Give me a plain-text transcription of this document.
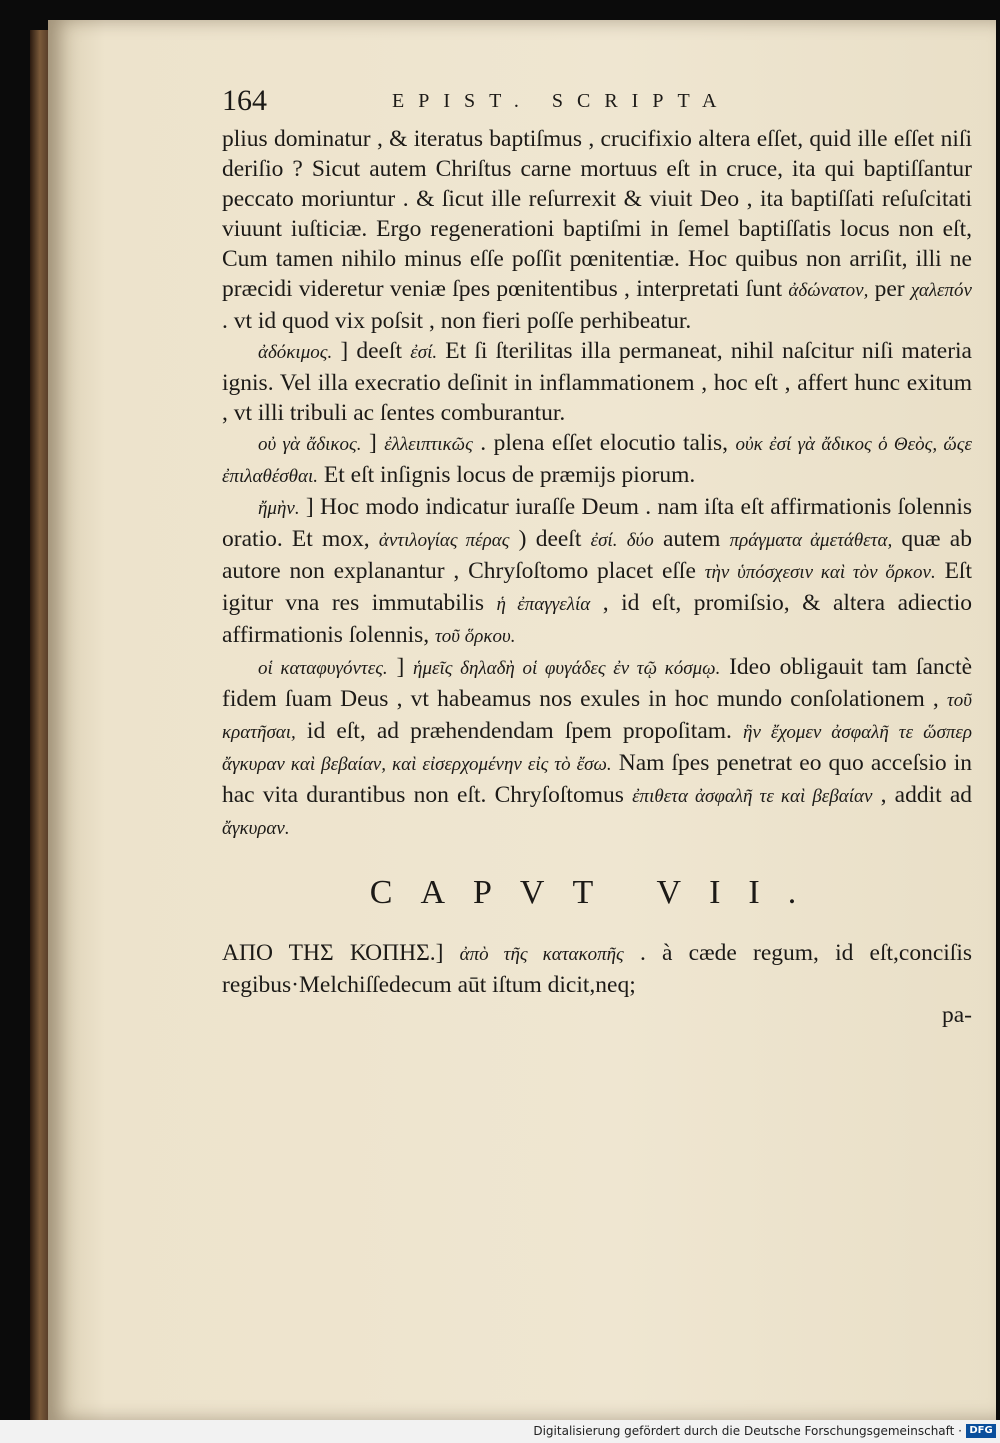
164	EPIST. SCRIPTA

plius dominatur , & iteratus baptiſmus , crucifixio altera eſſet, quid ille eſſet niſi deriſio ? Sicut autem Chriſtus carne mortuus eſt in cruce, ita qui baptiſſantur peccato moriuntur . & ſicut ille reſurrexit & viuit Deo , ita baptiſſati reſuſcitati viuunt iuſticiæ. Ergo regenerationi baptiſmi in ſemel baptiſſatis locus non eſt, Cum tamen nihilo minus eſſe poſſit pœnitentiæ. Hoc quibus non arriſit, illi ne præcidi videretur veniæ ſpes pœnitentibus , interpretati ſunt ἀδώνατον, per χαλεπόν . vt id quod vix poſsit , non fieri poſſe perhibeatur.

ἀδόκιμος. ] deeſt ἐσί. Et ſi ſterilitas illa permaneat, nihil naſcitur niſi materia ignis. Vel illa execratio deſinit in inflammationem , hoc eſt , affert hunc exitum , vt illi tribuli ac ſentes comburantur.

οὐ γὰ ἄδικος. ] ἐλλειπτικῶς . plena eſſet elocutio talis, οὐκ ἐσί γὰ ἄδικος ὁ Θεὸς, ὥςε ἐπιλαθέσθαι. Et eſt inſignis locus de præmijs piorum.

ἤμὴν. ] Hoc modo indicatur iuraſſe Deum . nam iſta eſt affirmationis ſolennis oratio. Et mox, ἀντιλογίας πέρας ) deeſt ἐσί. δύο autem πράγματα ἀμετάθετα, quæ ab autore non explanantur , Chryſoſtomo placet eſſe τὴν ὑπόσχεσιν καὶ τὸν ὅρκον. Eſt igitur vna res immutabilis ἡ ἐπαγγελία , id eſt, promiſsio, & altera adiectio affirmationis ſolennis, τοῦ ὅρκου.

οἱ καταφυγόντες. ] ἡμεῖς δηλαδὴ οἱ φυγάδες ἐν τῷ κόσμῳ. Ideo obligauit tam ſanctè fidem ſuam Deus , vt habeamus nos exules in hoc mundo conſolationem , τοῦ κρατῆσαι, id eſt, ad præhendendam ſpem propoſitam. ἣν ἔχομεν ἀσφαλῆ τε ὥσπερ ἄγκυραν καὶ βεβαίαν, καὶ εἰσερχομένην εἰς τὸ ἔσω. Nam ſpes penetrat eo quo acceſsio in hac vita durantibus non eſt. Chryſoſtomus ἐπιθετα ἀσφαλῆ τε καὶ βεβαίαν , addit ad ἄγκυραν.

CAPVT VII.

ΑΠΟ ΤΗΣ ΚΟΠΗΣ.] ἀπὸ τῆς κατακοπῆς . à cæde regum, id eſt,conciſis regibus·Melchiſſedecum aūt iſtum dicit,neq;

pa-
Digitalisierung gefördert durch die Deutsche Forschungsgemeinschaft · DFG
